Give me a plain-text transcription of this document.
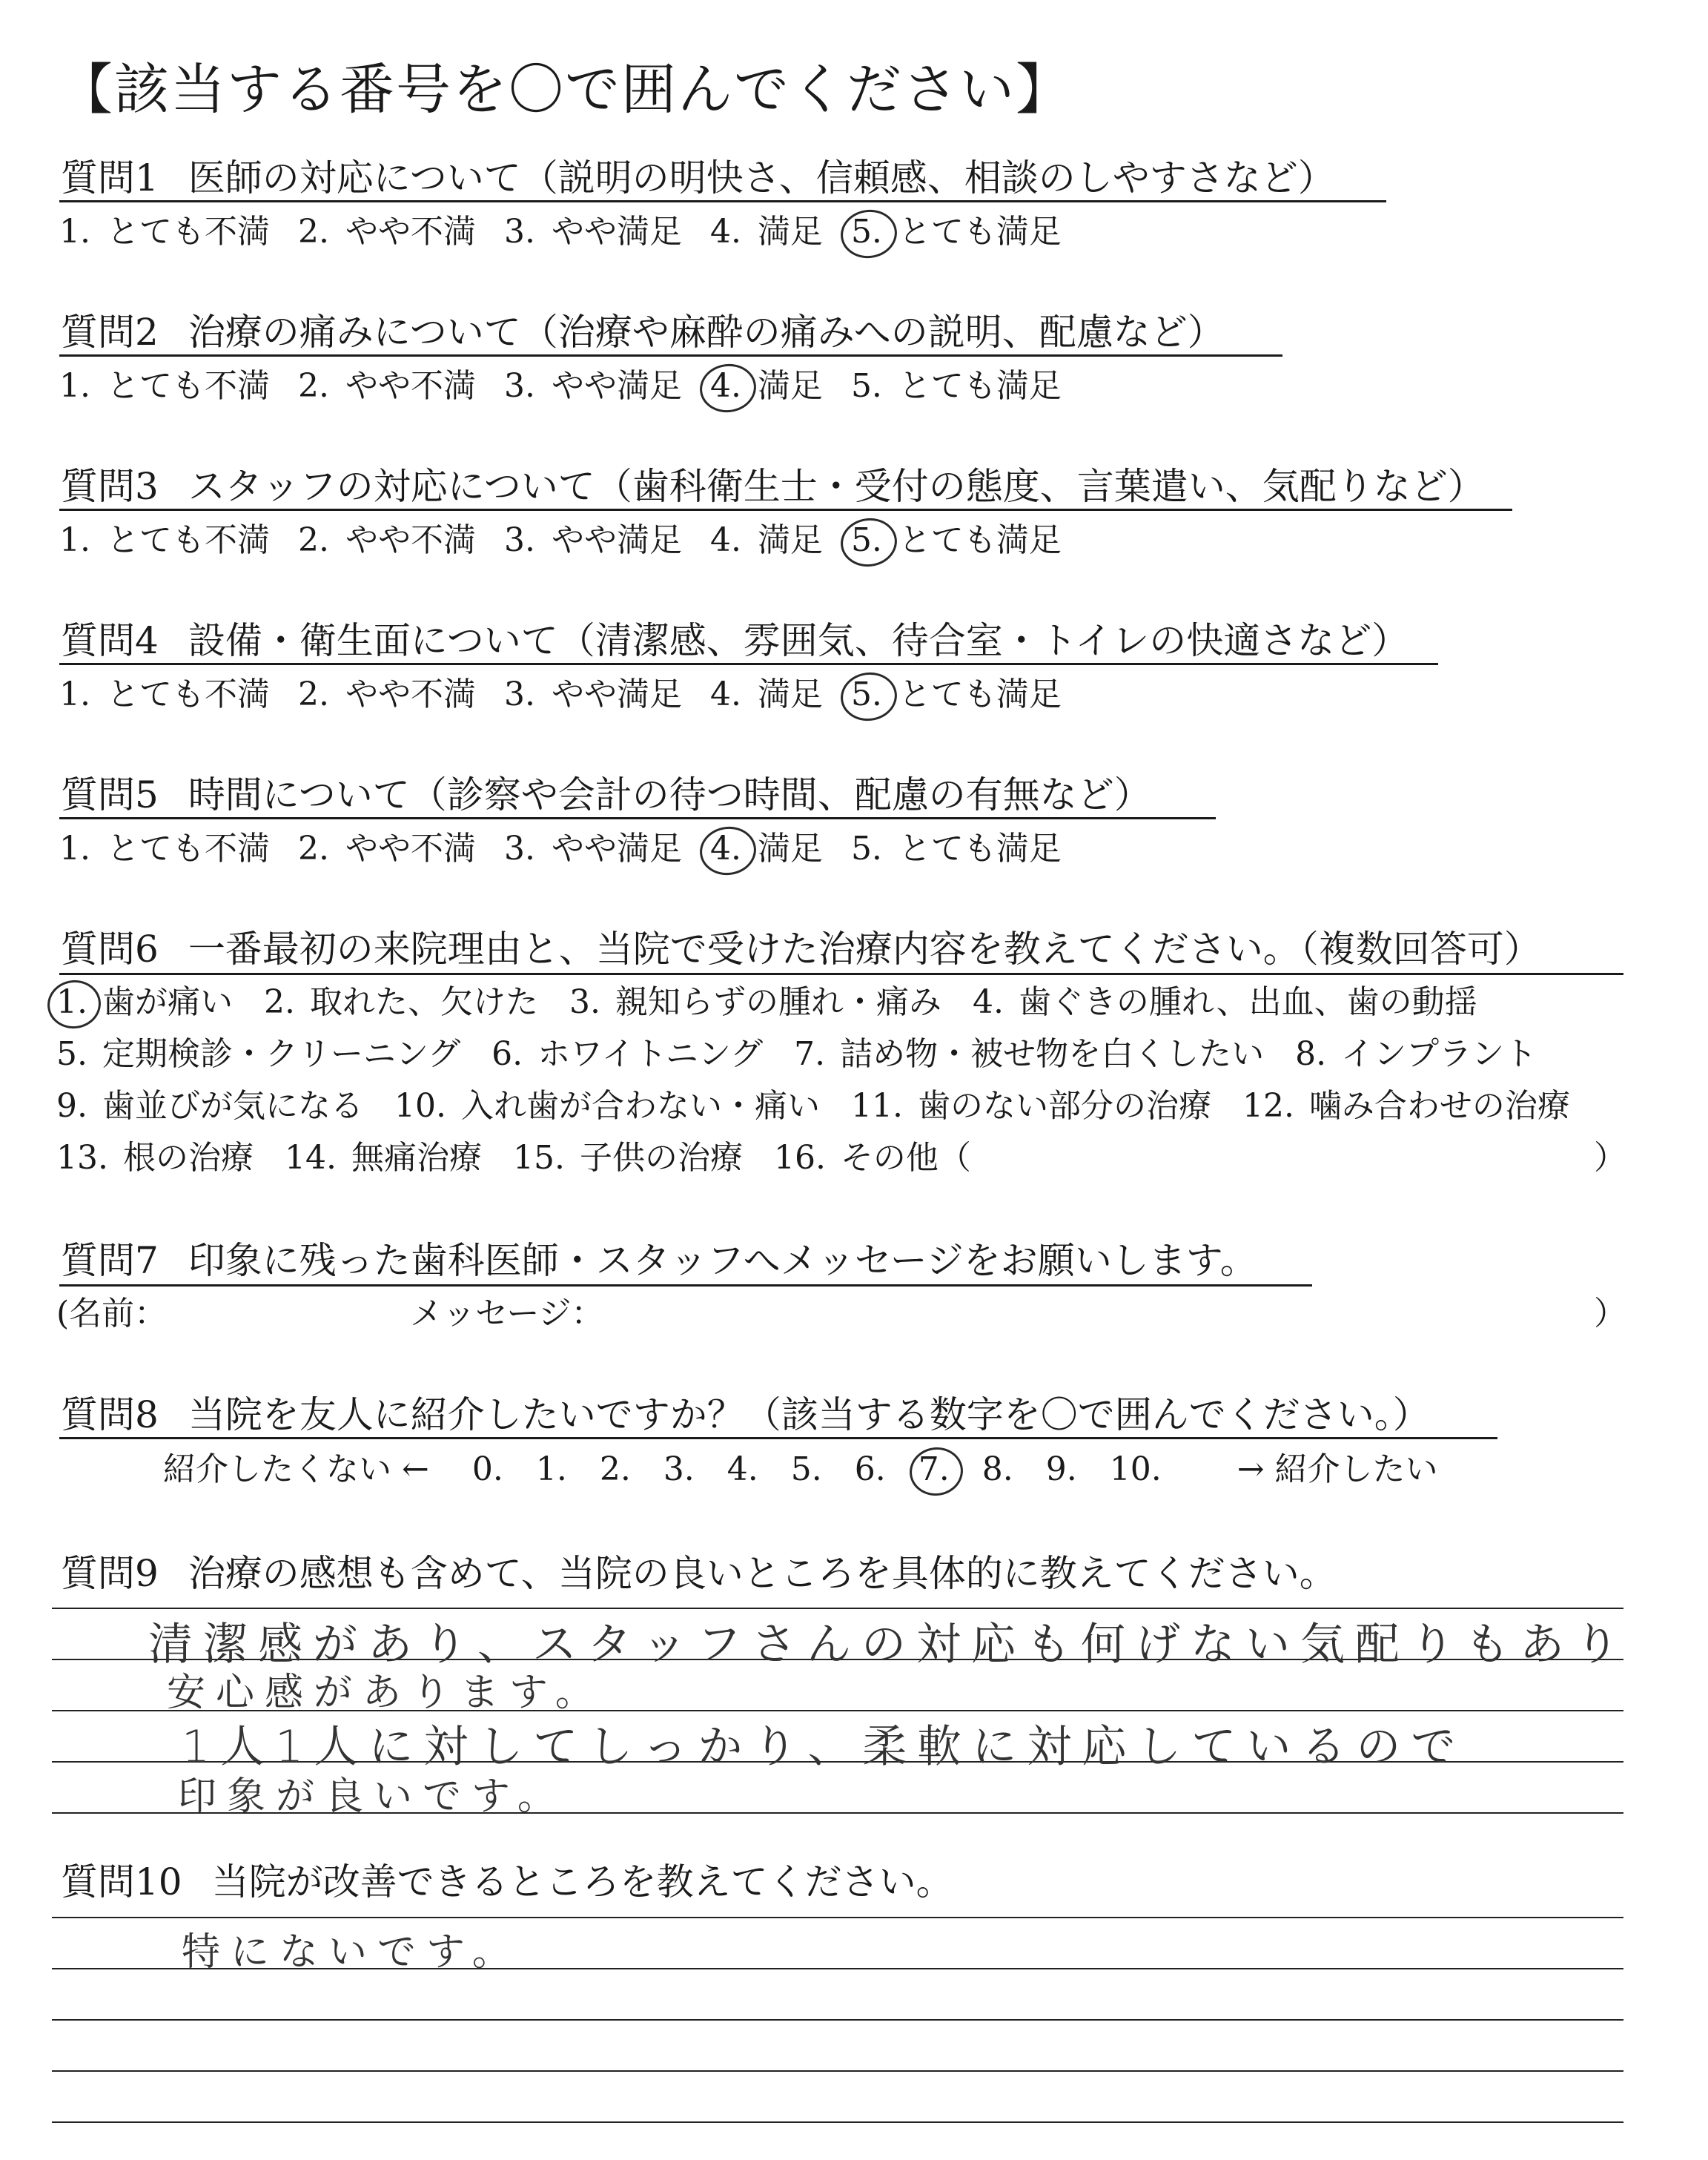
【該当する番号を〇で囲んでください】
質問1 医師の対応について（説明の明快さ、信頼感、相談のしやすさなど）
1. とても不満 2. やや不満 3. やや満足 4. 満足 5. とても満足
質問2 治療の痛みについて（治療や麻酔の痛みへの説明、配慮など）
1. とても不満 2. やや不満 3. やや満足 4. 満足 5. とても満足
質問3 スタッフの対応について（歯科衛生士・受付の態度、言葉遣い、気配りなど）
1. とても不満 2. やや不満 3. やや満足 4. 満足 5. とても満足
質問4 設備・衛生面について（清潔感、雰囲気、待合室・トイレの快適さなど）
1. とても不満 2. やや不満 3. やや満足 4. 満足 5. とても満足
質問5 時間について（診察や会計の待つ時間、配慮の有無など）
1. とても不満 2. やや不満 3. やや満足 4. 満足 5. とても満足
質問6 一番最初の来院理由と、当院で受けた治療内容を教えてください。（複数回答可）
1. 歯が痛い 2. 取れた、欠けた 3. 親知らずの腫れ・痛み 4. 歯ぐきの腫れ、出血、歯の動揺
5. 定期検診・クリーニング 6. ホワイトニング 7. 詰め物・被せ物を白くしたい 8. インプラント
9. 歯並びが気になる 10. 入れ歯が合わない・痛い 11. 歯のない部分の治療 12. 噛み合わせの治療
13. 根の治療 14. 無痛治療 15. 子供の治療 16. その他（	）
質問7 印象に残った歯科医師・スタッフへメッセージをお願いします。
(名前：	メッセージ：	）
質問8 当院を友人に紹介したいですか？（該当する数字を〇で囲んでください。）
紹介したくない ← 0. 1. 2. 3. 4. 5. 6. 7. 8. 9. 10. → 紹介したい
質問9 治療の感想も含めて、当院の良いところを具体的に教えてください。
清潔感があり、スタッフさんの対応も何げない気配りもあり
安心感があります。
1人1人に対してしっかり、柔軟に対応しているので
印象が良いです。
質問10 当院が改善できるところを教えてください。
特にないです。
